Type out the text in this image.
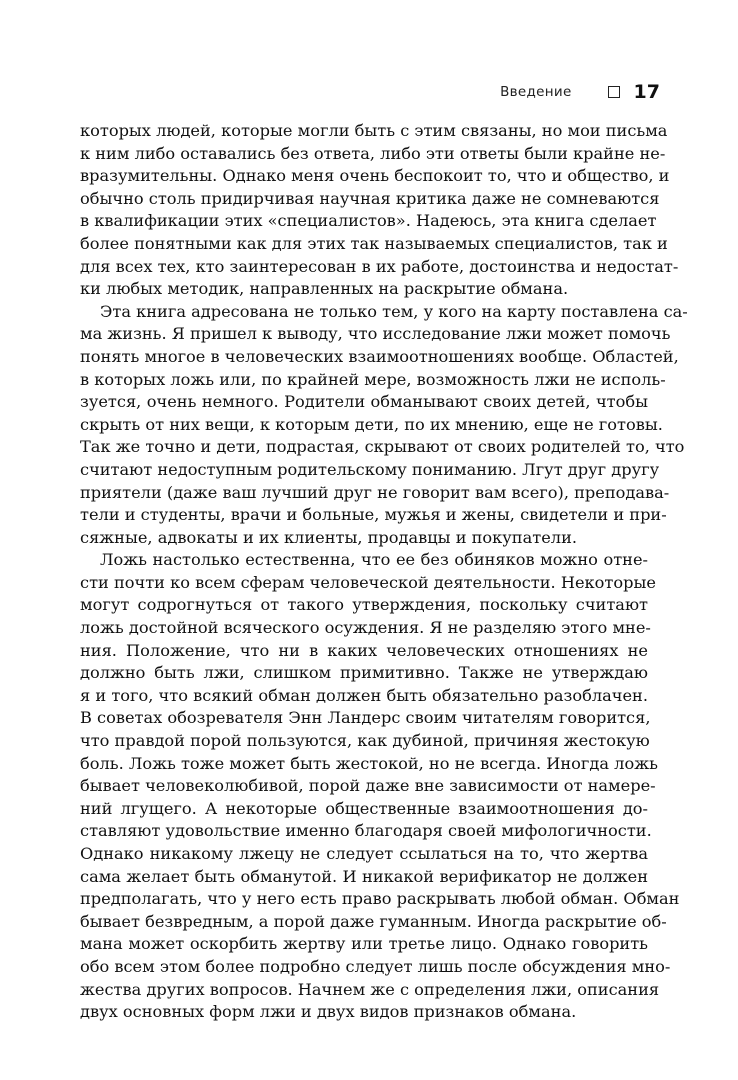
Введение	17
которых людей, которые могли быть с этим связаны, но мои письма
к ним либо оставались без ответа, либо эти ответы были крайне не-
вразумительны. Однако меня очень беспокоит то, что и общество, и
обычно столь придирчивая научная критика даже не сомневаются
в квалификации этих «специалистов». Надеюсь, эта книга сделает
более понятными как для этих так называемых специалистов, так и
для всех тех, кто заинтересован в их работе, достоинства и недостат-
ки любых методик, направленных на раскрытие обмана.
Эта книга адресована не только тем, у кого на карту поставлена са-
ма жизнь. Я пришел к выводу, что исследование лжи может помочь
понять многое в человеческих взаимоотношениях вообще. Областей,
в которых ложь или, по крайней мере, возможность лжи не исполь-
зуется, очень немного. Родители обманывают своих детей, чтобы
скрыть от них вещи, к которым дети, по их мнению, еще не готовы.
Так же точно и дети, подрастая, скрывают от своих родителей то, что
считают недоступным родительскому пониманию. Лгут друг другу
приятели (даже ваш лучший друг не говорит вам всего), преподава-
тели и студенты, врачи и больные, мужья и жены, свидетели и при-
сяжные, адвокаты и их клиенты, продавцы и покупатели.
Ложь настолько естественна, что ее без обиняков можно отне-
сти почти ко всем сферам человеческой деятельности. Некоторые
могут содрогнуться от такого утверждения, поскольку считают
ложь достойной всяческого осуждения. Я не разделяю этого мне-
ния. Положение, что ни в каких человеческих отношениях не
должно быть лжи, слишком примитивно. Также не утверждаю
я и того, что всякий обман должен быть обязательно разоблачен.
В советах обозревателя Энн Ландерс своим читателям говорится,
что правдой порой пользуются, как дубиной, причиняя жестокую
боль. Ложь тоже может быть жестокой, но не всегда. Иногда ложь
бывает человеколюбивой, порой даже вне зависимости от намере-
ний лгущего. А некоторые общественные взаимоотношения до-
ставляют удовольствие именно благодаря своей мифологичности.
Однако никакому лжецу не следует ссылаться на то, что жертва
сама желает быть обманутой. И никакой верификатор не должен
предполагать, что у него есть право раскрывать любой обман. Обман
бывает безвредным, а порой даже гуманным. Иногда раскрытие об-
мана может оскорбить жертву или третье лицо. Однако говорить
обо всем этом более подробно следует лишь после обсуждения мно-
жества других вопросов. Начнем же с определения лжи, описания
двух основных форм лжи и двух видов признаков обмана.
